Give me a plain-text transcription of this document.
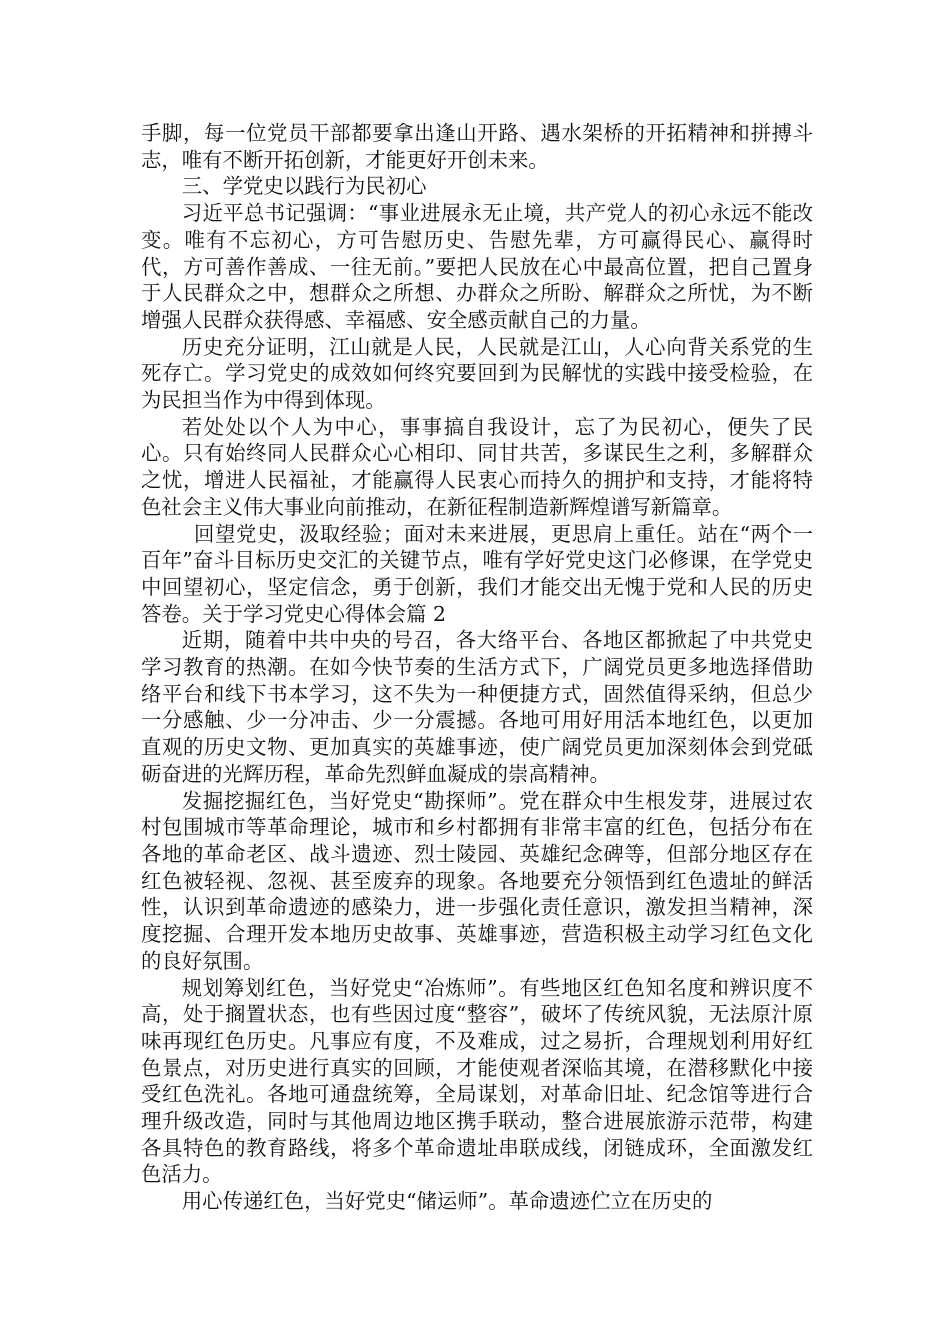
手脚，每一位党员干部都要拿出逢山开路、遇水架桥的开拓精神和拼搏斗志，唯有不断开拓创新，才能更好开创未来。

三、学党史以践行为民初心

习近平总书记强调：“事业进展永无止境，共产党人的初心永远不能改变。唯有不忘初心，方可告慰历史、告慰先辈，方可赢得民心、赢得时代，方可善作善成、一往无前。”要把人民放在心中最高位置，把自己置身于人民群众之中，想群众之所想、办群众之所盼、解群众之所忧，为不断增强人民群众获得感、幸福感、安全感贡献自己的力量。

历史充分证明，江山就是人民，人民就是江山，人心向背关系党的生死存亡。学习党史的成效如何终究要回到为民解忧的实践中接受检验，在为民担当作为中得到体现。

若处处以个人为中心，事事搞自我设计，忘了为民初心，便失了民心。只有始终同人民群众心心相印、同甘共苦，多谋民生之利，多解群众之忧，增进人民福祉，才能赢得人民衷心而持久的拥护和支持，才能将特色社会主义伟大事业向前推动，在新征程制造新辉煌谱写新篇章。

回望党史，汲取经验；面对未来进展，更思肩上重任。站在“两个一百年”奋斗目标历史交汇的关键节点，唯有学好党史这门必修课，在学党史中回望初心，坚定信念，勇于创新，我们才能交出无愧于党和人民的历史答卷。关于学习党史心得体会篇 2

近期，随着中共中央的号召，各大络平台、各地区都掀起了中共党史学习教育的热潮。在如今快节奏的生活方式下，广阔党员更多地选择借助络平台和线下书本学习，这不失为一种便捷方式，固然值得采纳，但总少一分感触、少一分冲击、少一分震撼。各地可用好用活本地红色，以更加直观的历史文物、更加真实的英雄事迹，使广阔党员更加深刻体会到党砥砺奋进的光辉历程，革命先烈鲜血凝成的崇高精神。

发掘挖掘红色，当好党史“勘探师”。党在群众中生根发芽，进展过农村包围城市等革命理论，城市和乡村都拥有非常丰富的红色，包括分布在各地的革命老区、战斗遗迹、烈士陵园、英雄纪念碑等，但部分地区存在红色被轻视、忽视、甚至废弃的现象。各地要充分领悟到红色遗址的鲜活性，认识到革命遗迹的感染力，进一步强化责任意识，激发担当精神，深度挖掘、合理开发本地历史故事、英雄事迹，营造积极主动学习红色文化的良好氛围。

规划筹划红色，当好党史“冶炼师”。有些地区红色知名度和辨识度不高，处于搁置状态，也有些因过度“整容”，破坏了传统风貌，无法原汁原味再现红色历史。凡事应有度，不及难成，过之易折，合理规划利用好红色景点，对历史进行真实的回顾，才能使观者深临其境，在潜移默化中接受红色洗礼。各地可通盘统筹，全局谋划，对革命旧址、纪念馆等进行合理升级改造，同时与其他周边地区携手联动，整合进展旅游示范带，构建各具特色的教育路线，将多个革命遗址串联成线，闭链成环，全面激发红色活力。

用心传递红色，当好党史“储运师”。革命遗迹伫立在历史的
